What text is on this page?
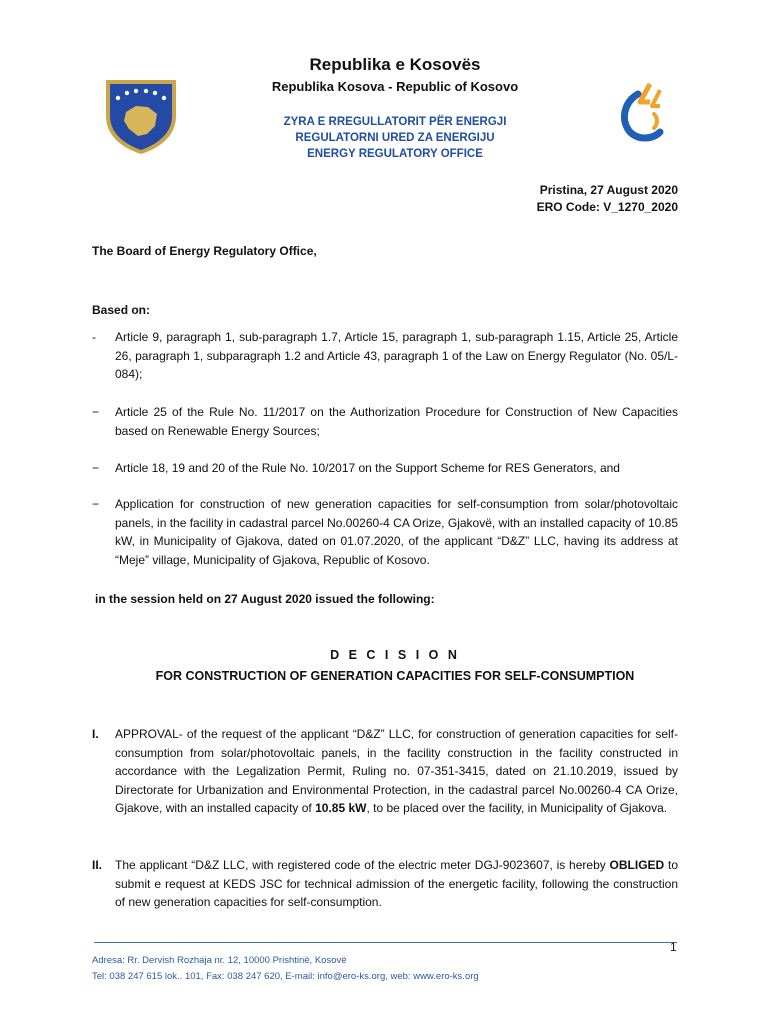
Republika e Kosovës
Republika Kosova - Republic of Kosovo
ZYRA E RREGULLATORIT PËR ENERGJI
REGULATORNI URED ZA ENERGIJU
ENERGY REGULATORY OFFICE
Pristina, 27 August 2020
ERO Code: V_1270_2020
The Board of Energy Regulatory Office,
Based on:
-	Article 9, paragraph 1, sub-paragraph 1.7, Article 15, paragraph 1, sub-paragraph 1.15, Article 25, Article 26, paragraph 1, subparagraph 1.2 and Article 43, paragraph 1 of the Law on Energy Regulator (No. 05/L-084);
−	Article 25 of the Rule No. 11/2017 on the Authorization Procedure for Construction of New Capacities based on Renewable Energy Sources;
−	Article 18, 19 and 20 of the Rule No. 10/2017 on the Support Scheme for RES Generators, and
−	Application for construction of new generation capacities for self-consumption from solar/photovoltaic panels, in the facility in cadastral parcel No.00260-4 CA Orize, Gjakovë, with an installed capacity of 10.85 kW, in Municipality of Gjakova, dated on 01.07.2020, of the applicant “D&Z” LLC, having its address at “Meje” village, Municipality of Gjakova, Republic of Kosovo.
in the session held on 27 August 2020 issued the following:
D E C I S I O N
FOR CONSTRUCTION OF GENERATION CAPACITIES FOR SELF-CONSUMPTION
I.	APPROVAL- of the request of the applicant “D&Z” LLC, for construction of generation capacities for self-consumption from solar/photovoltaic panels, in the facility construction in the facility constructed in accordance with the Legalization Permit, Ruling no. 07-351-3415, dated on 21.10.2019, issued by Directorate for Urbanization and Environmental Protection, in the cadastral parcel No.00260-4 CA Orize, Gjakove, with an installed capacity of 10.85 kW, to be placed over the facility, in Municipality of Gjakova.
II.	The applicant “D&Z LLC, with registered code of the electric meter DGJ-9023607, is hereby OBLIGED to submit e request at KEDS JSC for technical admission of the energetic facility, following the construction of new generation capacities for self-consumption.
1
Adresa: Rr. Dervish Rozhaja nr. 12, 10000 Prishtinë, Kosovë
Tel: 038 247 615 lok.. 101, Fax: 038 247 620, E-mail: info@ero-ks.org, web: www.ero-ks.org
